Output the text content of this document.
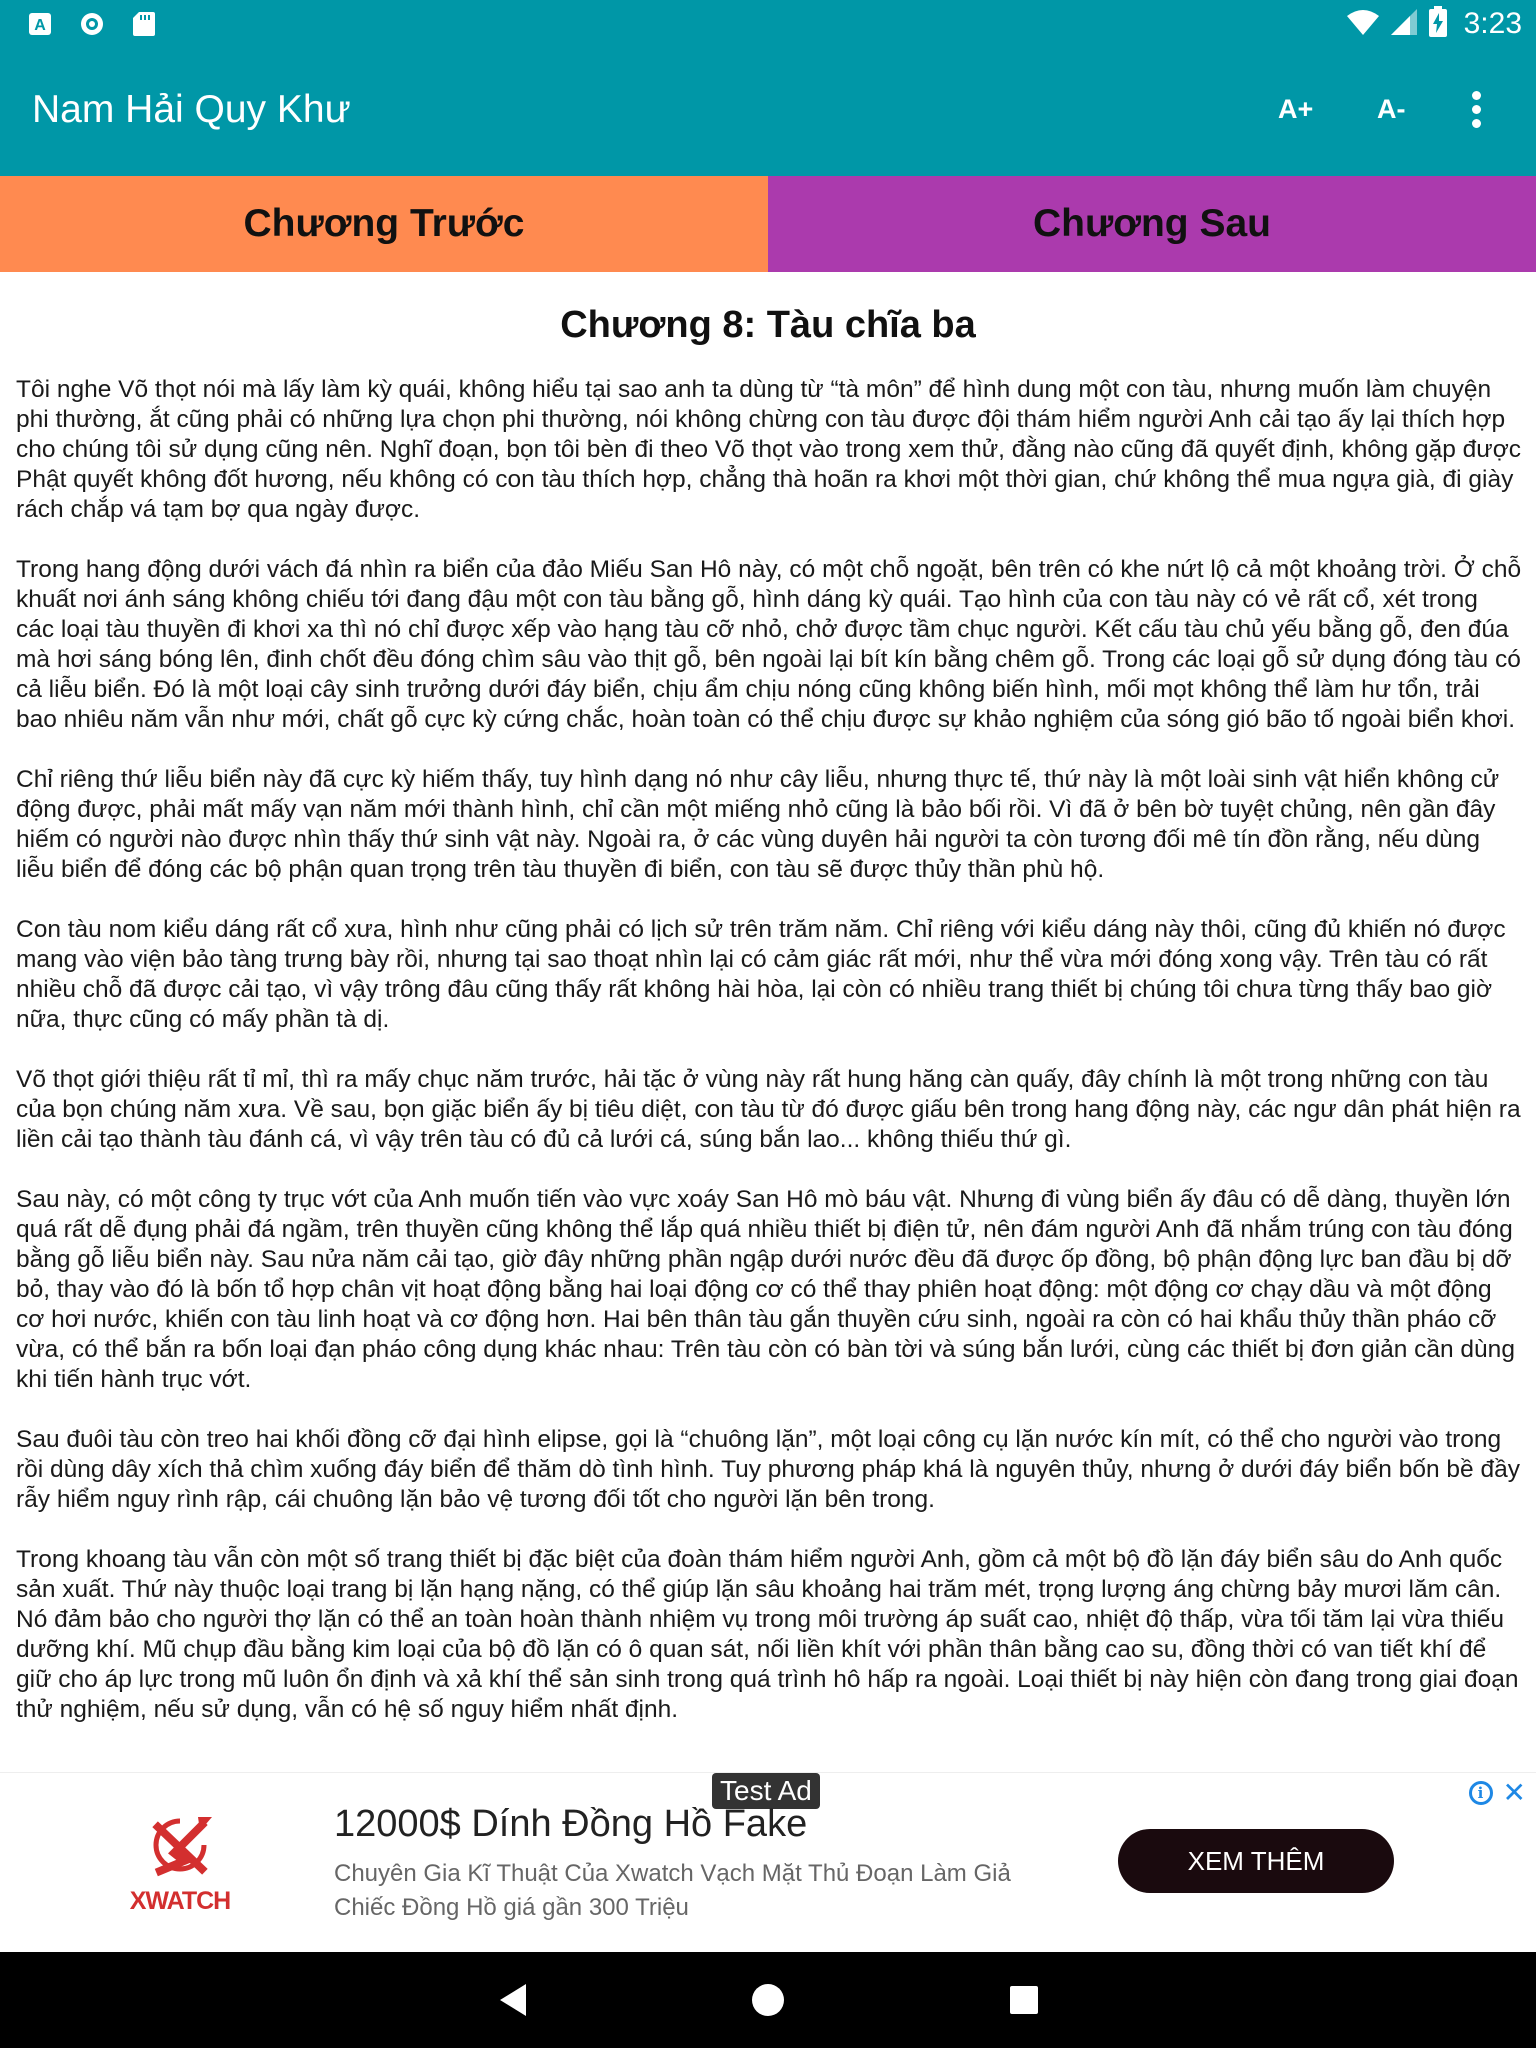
A	3:23
Nam Hải Quy Khư	A+ A-
Chương Trước	Chương Sau
Chương 8: Tàu chĩa ba

Tôi nghe Võ thọt nói mà lấy làm kỳ quái, không hiểu tại sao anh ta dùng từ “tà môn” để hình dung một con tàu, nhưng muốn làm chuyện phi thường, ắt cũng phải có những lựa chọn phi thường, nói không chừng con tàu được đội thám hiểm người Anh cải tạo ấy lại thích hợp cho chúng tôi sử dụng cũng nên. Nghĩ đoạn, bọn tôi bèn đi theo Võ thọt vào trong xem thử, đằng nào cũng đã quyết định, không gặp được Phật quyết không đốt hương, nếu không có con tàu thích hợp, chẳng thà hoãn ra khơi một thời gian, chứ không thể mua ngựa già, đi giày rách chắp vá tạm bợ qua ngày được.

Trong hang động dưới vách đá nhìn ra biển của đảo Miếu San Hô này, có một chỗ ngoặt, bên trên có khe nứt lộ cả một khoảng trời. Ở chỗ khuất nơi ánh sáng không chiếu tới đang đậu một con tàu bằng gỗ, hình dáng kỳ quái. Tạo hình của con tàu này có vẻ rất cổ, xét trong các loại tàu thuyền đi khơi xa thì nó chỉ được xếp vào hạng tàu cỡ nhỏ, chở được tầm chục người. Kết cấu tàu chủ yếu bằng gỗ, đen đúa mà hơi sáng bóng lên, đinh chốt đều đóng chìm sâu vào thịt gỗ, bên ngoài lại bít kín bằng chêm gỗ. Trong các loại gỗ sử dụng đóng tàu có cả liễu biển. Đó là một loại cây sinh trưởng dưới đáy biển, chịu ẩm chịu nóng cũng không biến hình, mối mọt không thể làm hư tổn, trải bao nhiêu năm vẫn như mới, chất gỗ cực kỳ cứng chắc, hoàn toàn có thể chịu được sự khảo nghiệm của sóng gió bão tố ngoài biển khơi.

Chỉ riêng thứ liễu biển này đã cực kỳ hiếm thấy, tuy hình dạng nó như cây liễu, nhưng thực tế, thứ này là một loài sinh vật hiển không cử động được, phải mất mấy vạn năm mới thành hình, chỉ cần một miếng nhỏ cũng là bảo bối rồi. Vì đã ở bên bờ tuyệt chủng, nên gần đây hiếm có người nào được nhìn thấy thứ sinh vật này. Ngoài ra, ở các vùng duyên hải người ta còn tương đối mê tín đồn rằng, nếu dùng liễu biển để đóng các bộ phận quan trọng trên tàu thuyền đi biển, con tàu sẽ được thủy thần phù hộ.

Con tàu nom kiểu dáng rất cổ xưa, hình như cũng phải có lịch sử trên trăm năm. Chỉ riêng với kiểu dáng này thôi, cũng đủ khiến nó được mang vào viện bảo tàng trưng bày rồi, nhưng tại sao thoạt nhìn lại có cảm giác rất mới, như thể vừa mới đóng xong vậy. Trên tàu có rất nhiều chỗ đã được cải tạo, vì vậy trông đâu cũng thấy rất không hài hòa, lại còn có nhiều trang thiết bị chúng tôi chưa từng thấy bao giờ nữa, thực cũng có mấy phần tà dị.

Võ thọt giới thiệu rất tỉ mỉ, thì ra mấy chục năm trước, hải tặc ở vùng này rất hung hăng càn quấy, đây chính là một trong những con tàu của bọn chúng năm xưa. Về sau, bọn giặc biển ấy bị tiêu diệt, con tàu từ đó được giấu bên trong hang động này, các ngư dân phát hiện ra liền cải tạo thành tàu đánh cá, vì vậy trên tàu có đủ cả lưới cá, súng bắn lao... không thiếu thứ gì.

Sau này, có một công ty trục vớt của Anh muốn tiến vào vực xoáy San Hô mò báu vật. Nhưng đi vùng biển ấy đâu có dễ dàng, thuyền lớn quá rất dễ đụng phải đá ngầm, trên thuyền cũng không thể lắp quá nhiều thiết bị điện tử, nên đám người Anh đã nhắm trúng con tàu đóng bằng gỗ liễu biển này. Sau nửa năm cải tạo, giờ đây những phần ngập dưới nước đều đã được ốp đồng, bộ phận động lực ban đầu bị dỡ bỏ, thay vào đó là bốn tổ hợp chân vịt hoạt động bằng hai loại động cơ có thể thay phiên hoạt động: một động cơ chạy dầu và một động cơ hơi nước, khiến con tàu linh hoạt và cơ động hơn. Hai bên thân tàu gắn thuyền cứu sinh, ngoài ra còn có hai khẩu thủy thần pháo cỡ vừa, có thể bắn ra bốn loại đạn pháo công dụng khác nhau: Trên tàu còn có bàn tời và súng bắn lưới, cùng các thiết bị đơn giản cần dùng khi tiến hành trục vớt.

Sau đuôi tàu còn treo hai khối đồng cỡ đại hình elipse, gọi là “chuông lặn”, một loại công cụ lặn nước kín mít, có thể cho người vào trong rồi dùng dây xích thả chìm xuống đáy biển để thăm dò tình hình. Tuy phương pháp khá là nguyên thủy, nhưng ở dưới đáy biển bốn bề đầy rẫy hiểm nguy rình rập, cái chuông lặn bảo vệ tương đối tốt cho người lặn bên trong.

Trong khoang tàu vẫn còn một số trang thiết bị đặc biệt của đoàn thám hiểm người Anh, gồm cả một bộ đồ lặn đáy biển sâu do Anh quốc sản xuất. Thứ này thuộc loại trang bị lặn hạng nặng, có thể giúp lặn sâu khoảng hai trăm mét, trọng lượng áng chừng bảy mươi lăm cân. Nó đảm bảo cho người thợ lặn có thể an toàn hoàn thành nhiệm vụ trong môi trường áp suất cao, nhiệt độ thấp, vừa tối tăm lại vừa thiếu dưỡng khí. Mũ chụp đầu bằng kim loại của bộ đồ lặn có ô quan sát, nối liền khít với phần thân bằng cao su, đồng thời có van tiết khí để giữ cho áp lực trong mũ luôn ổn định và xả khí thể sản sinh trong quá trình hô hấp ra ngoài. Loại thiết bị này hiện còn đang trong giai đoạn thử nghiệm, nếu sử dụng, vẫn có hệ số nguy hiểm nhất định.

Test Ad	i ✕
XWATCH
12000$ Dính Đồng Hồ Fake
Chuyên Gia Kĩ Thuật Của Xwatch Vạch Mặt Thủ Đoạn Làm Giả Chiếc Đồng Hồ giá gần 300 Triệu
XEM THÊM
